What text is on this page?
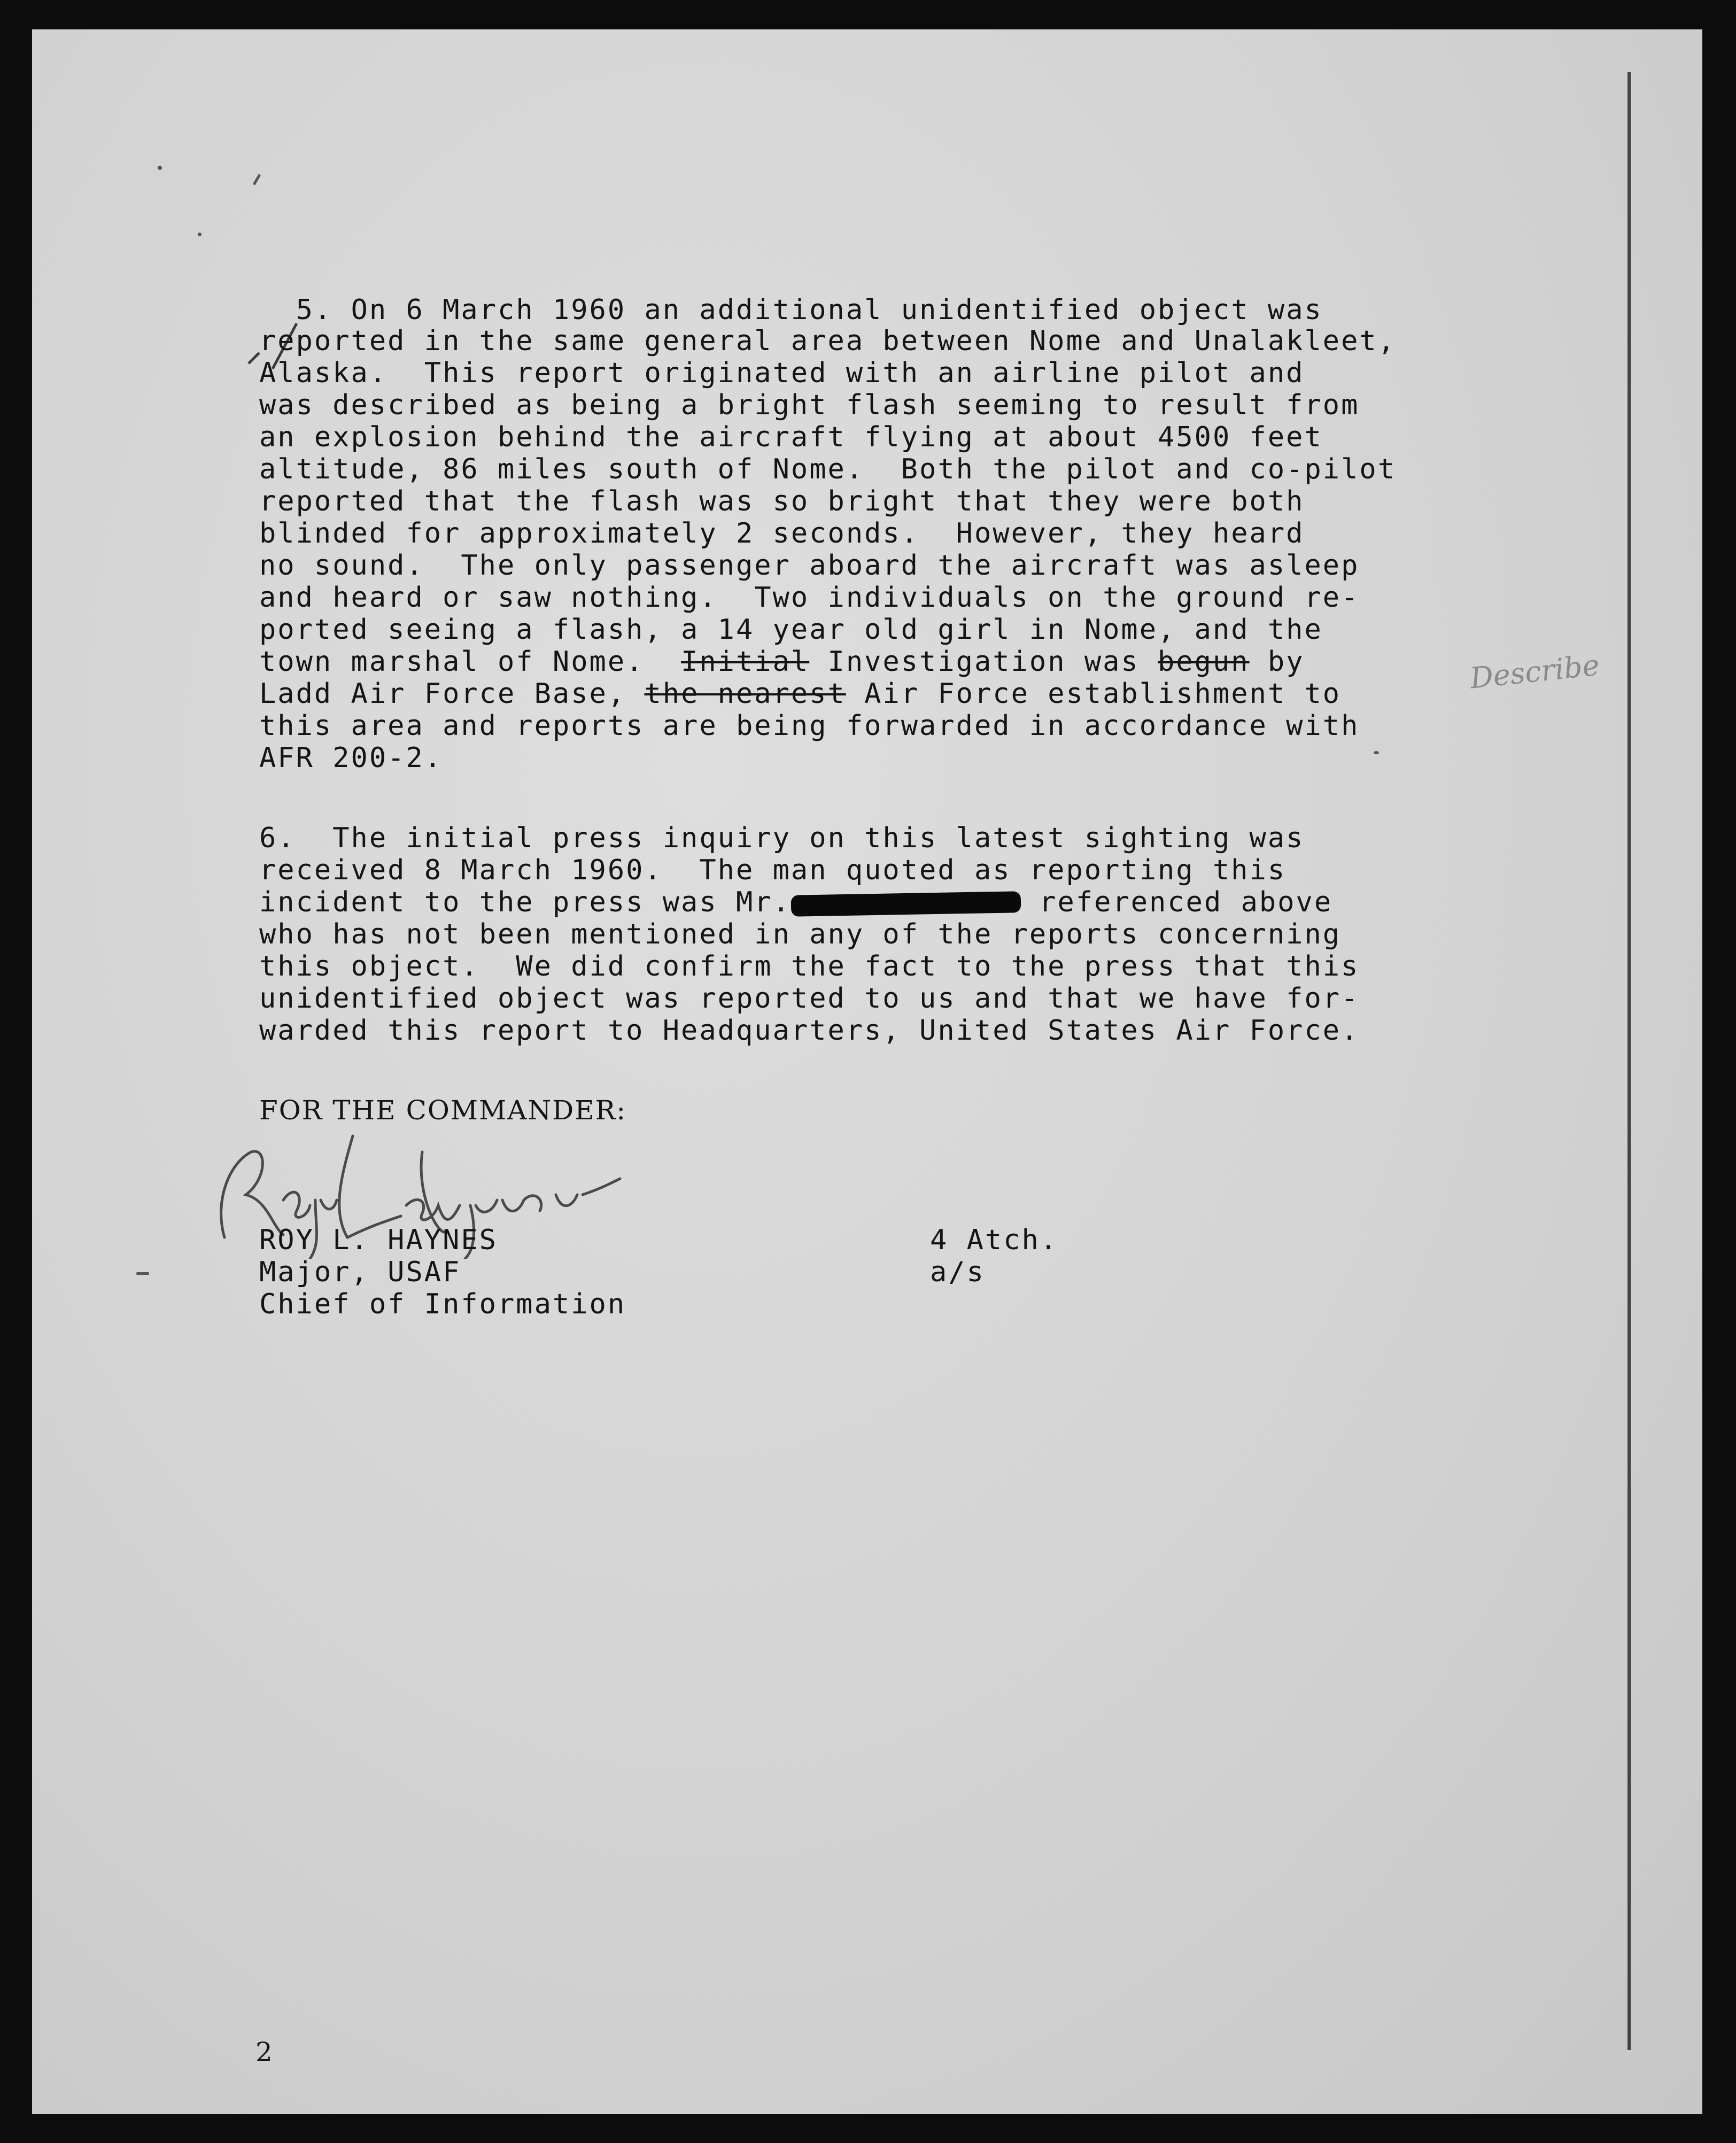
5. On 6 March 1960 an additional unidentified object was
reported in the same general area between Nome and Unalakleet,
Alaska.  This report originated with an airline pilot and
was described as being a bright flash seeming to result from
an explosion behind the aircraft flying at about 4500 feet
altitude, 86 miles south of Nome.  Both the pilot and co-pilot
reported that the flash was so bright that they were both
blinded for approximately 2 seconds.  However, they heard
no sound.  The only passenger aboard the aircraft was asleep
and heard or saw nothing.  Two individuals on the ground re-
ported seeing a flash, a 14 year old girl in Nome, and the
town marshal of Nome.  Initial Investigation was begun by
Ladd Air Force Base, the nearest Air Force establishment to
this area and reports are being forwarded in accordance with
AFR 200-2.
Describe
6.  The initial press inquiry on this latest sighting was
received 8 March 1960.  The man quoted as reporting this
incident to the press was Mr.	referenced above
who has not been mentioned in any of the reports concerning
this object.  We did confirm the fact to the press that this
unidentified object was reported to us and that we have for-
warded this report to Headquarters, United States Air Force.
FOR THE COMMANDER:
ROY L. HAYNES
Major, USAF
Chief of Information
4 Atch.
a/s
2
